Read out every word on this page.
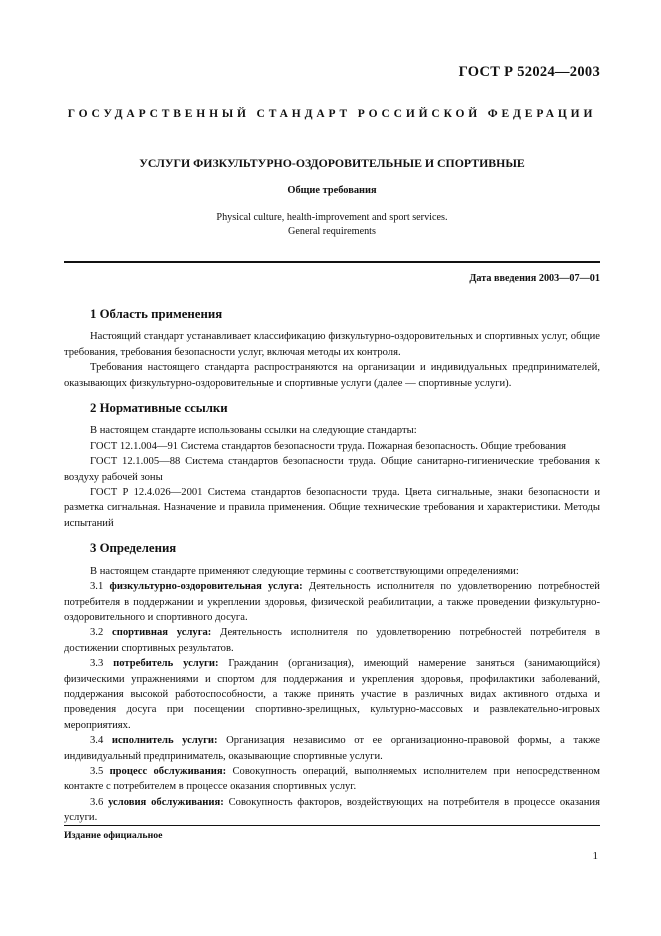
ГОСТ Р 52024—2003
ГОСУДАРСТВЕННЫЙ СТАНДАРТ РОССИЙСКОЙ ФЕДЕРАЦИИ
УСЛУГИ ФИЗКУЛЬТУРНО-ОЗДОРОВИТЕЛЬНЫЕ И СПОРТИВНЫЕ
Общие требования
Physical culture, health-improvement and sport services.
General requirements
Дата введения 2003—07—01
1 Область применения

Настоящий стандарт устанавливает классификацию физкультурно-оздоровительных и спортивных услуг, общие требования, требования безопасности услуг, включая методы их контроля.

Требования настоящего стандарта распространяются на организации и индивидуальных предпринимателей, оказывающих физкультурно-оздоровительные и спортивные услуги (далее — спортивные услуги).

2 Нормативные ссылки

В настоящем стандарте использованы ссылки на следующие стандарты:

ГОСТ 12.1.004—91 Система стандартов безопасности труда. Пожарная безопасность. Общие требования

ГОСТ 12.1.005—88 Система стандартов безопасности труда. Общие санитарно-гигиенические требования к воздуху рабочей зоны

ГОСТ Р 12.4.026—2001 Система стандартов безопасности труда. Цвета сигнальные, знаки безопасности и разметка сигнальная. Назначение и правила применения. Общие технические требования и характеристики. Методы испытаний

3 Определения

В настоящем стандарте применяют следующие термины с соответствующими определениями:

3.1 физкультурно-оздоровительная услуга: Деятельность исполнителя по удовлетворению потребностей потребителя в поддержании и укреплении здоровья, физической реабилитации, а также проведении физкультурно-оздоровительного и спортивного досуга.

3.2 спортивная услуга: Деятельность исполнителя по удовлетворению потребностей потребителя в достижении спортивных результатов.

3.3 потребитель услуги: Гражданин (организация), имеющий намерение заняться (занимающийся) физическими упражнениями и спортом для поддержания и укрепления здоровья, профилактики заболеваний, поддержания высокой работоспособности, а также принять участие в различных видах активного отдыха и проведения досуга при посещении спортивно-зрелищных, культурно-массовых и развлекательно-игровых мероприятиях.

3.4 исполнитель услуги: Организация независимо от ее организационно-правовой формы, а также индивидуальный предприниматель, оказывающие спортивные услуги.

3.5 процесс обслуживания: Совокупность операций, выполняемых исполнителем при непосредственном контакте с потребителем в процессе оказания спортивных услуг.

3.6 условия обслуживания: Совокупность факторов, воздействующих на потребителя в процессе оказания услуги.

Издание официальное
1
